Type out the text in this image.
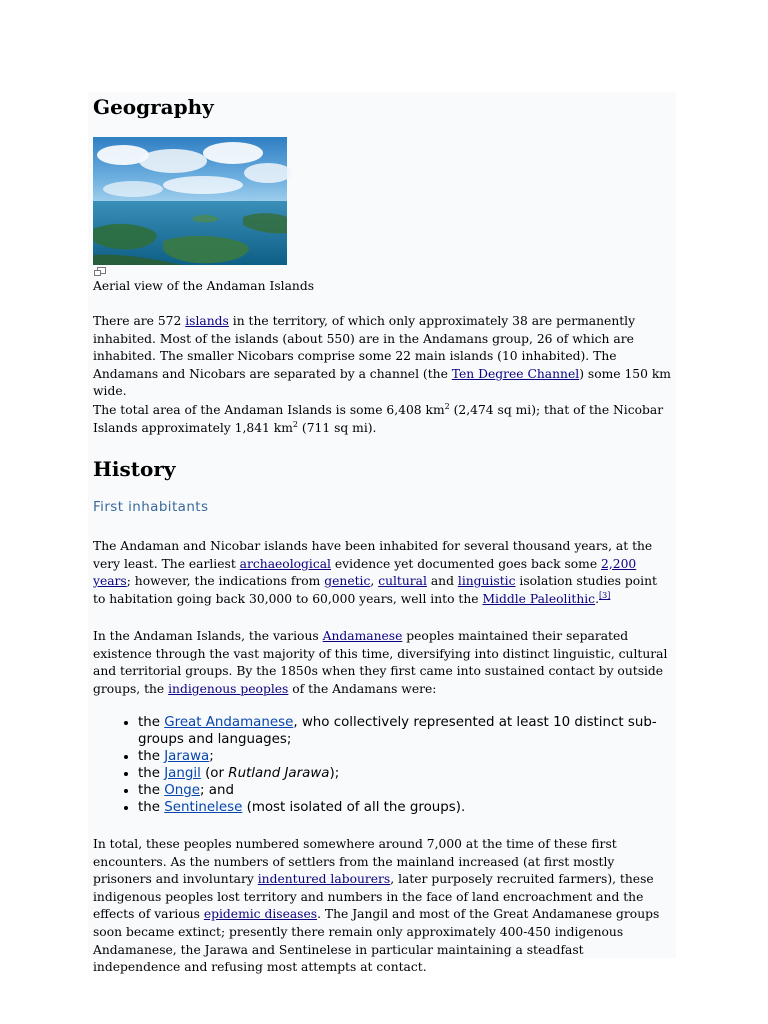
Geography

Aerial view of the Andaman Islands

There are 572 islands in the territory, of which only approximately 38 are permanently inhabited. Most of the islands (about 550) are in the Andamans group, 26 of which are inhabited. The smaller Nicobars comprise some 22 main islands (10 inhabited). The Andamans and Nicobars are separated by a channel (the Ten Degree Channel) some 150 km wide.

The total area of the Andaman Islands is some 6,408 $km^2$ (2,474 sq mi); that of the Nicobar Islands approximately 1,841 $km^2$ (711 sq mi).

History

First inhabitants

The Andaman and Nicobar islands have been inhabited for several thousand years, at the very least. The earliest archaeological evidence yet documented goes back some 2,200 years; however, the indications from genetic, cultural and linguistic isolation studies point to habitation going back 30,000 to 60,000 years, well into the Middle Paleolithic.[3]

In the Andaman Islands, the various Andamanese peoples maintained their separated existence through the vast majority of this time, diversifying into distinct linguistic, cultural and territorial groups. By the 1850s when they first came into sustained contact by outside groups, the indigenous peoples of the Andamans were:

• the Great Andamanese, who collectively represented at least 10 distinct sub-groups and languages;
• the Jarawa;
• the Jangil (or Rutland Jarawa);
• the Onge; and
• the Sentinelese (most isolated of all the groups).

In total, these peoples numbered somewhere around 7,000 at the time of these first encounters. As the numbers of settlers from the mainland increased (at first mostly prisoners and involuntary indentured labourers, later purposely recruited farmers), these indigenous peoples lost territory and numbers in the face of land encroachment and the effects of various epidemic diseases. The Jangil and most of the Great Andamanese groups soon became extinct; presently there remain only approximately 400-450 indigenous Andamanese, the Jarawa and Sentinelese in particular maintaining a steadfast independence and refusing most attempts at contact.
